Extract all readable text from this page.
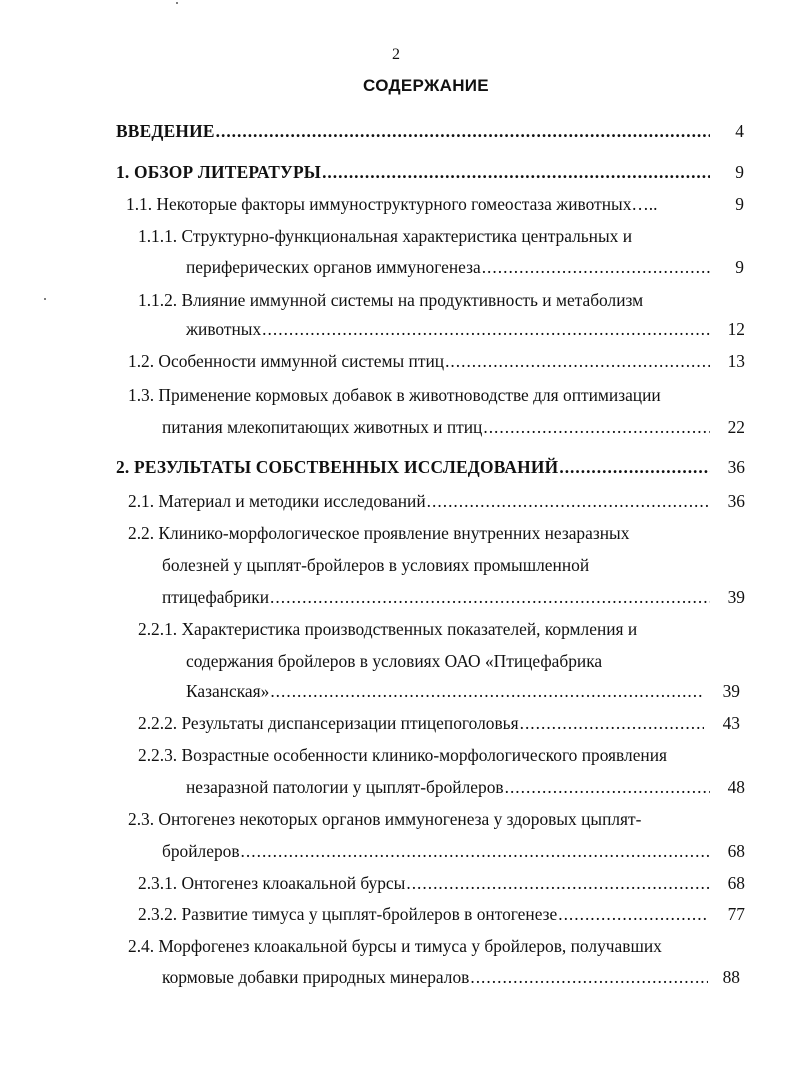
2
СОДЕРЖАНИЕ
ВВЕДЕНИЕ .....	4
1. ОБЗОР ЛИТЕРАТУРЫ .....	9
1.1. Некоторые факторы иммуноструктурного гомеостаза животных…..	9
1.1.1. Структурно-функциональная характеристика центральных и
периферических органов иммуногенеза .....	9
1.1.2. Влияние иммунной системы на продуктивность и метаболизм
животных .....	12
1.2. Особенности иммунной системы птиц .....	13
1.3. Применение кормовых добавок в животноводстве для оптимизации
питания млекопитающих животных и птиц .....	22
2. РЕЗУЛЬТАТЫ СОБСТВЕННЫХ ИССЛЕДОВАНИЙ .....	36
2.1. Материал и методики исследований .....	36
2.2. Клинико-морфологическое проявление внутренних незаразных
болезней у цыплят-бройлеров в условиях промышленной
птицефабрики .....	39
2.2.1. Характеристика производственных показателей, кормления и
содержания бройлеров в условиях ОАО «Птицефабрика
Казанская» .....	39
2.2.2. Результаты диспансеризации птицепоголовья .....	43
2.2.3. Возрастные особенности клинико-морфологического проявления
незаразной патологии у цыплят-бройлеров .....	48
2.3. Онтогенез некоторых органов иммуногенеза у здоровых цыплят-
бройлеров .....	68
2.3.1. Онтогенез клоакальной бурсы .....	68
2.3.2. Развитие тимуса у цыплят-бройлеров в онтогенезе .....	77
2.4. Морфогенез клоакальной бурсы и тимуса у бройлеров, получавших
кормовые добавки природных минералов .....	88
